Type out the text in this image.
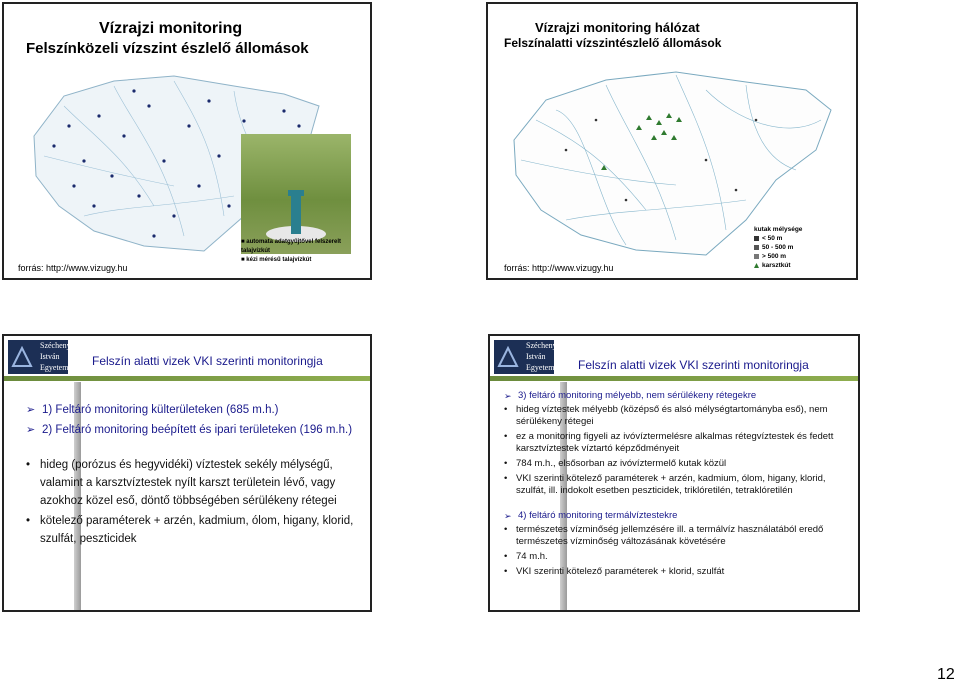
Vízrajzi monitoring
Felszínközeli vízszint észlelő állomások
■ automata adatgyűjtővel felszerelt talajvízkút
■ kézi mérésű talajvízkút
forrás: http://www.vizugy.hu
Vízrajzi monitoring hálózat
Felszínalatti vízszintészlelő állomások
kutak mélysége
< 50 m
50 - 500 m
> 500 m
karsztkút
forrás: http://www.vizugy.hu
Széchenyi
István
Egyetem	Felszín alatti vizek VKI szerinti monitoringja
➢ 1) Feltáró monitoring külterületeken (685 m.h.)
➢ 2) Feltáró monitoring beépített és ipari területeken (196 m.h.)
• hideg (porózus és hegyvidéki) víztestek sekély mélységű, valamint a karsztvíztestek nyílt karszt területein lévő, vagy azokhoz közel eső, döntő többségében sérülékeny rétegei
• kötelező paraméterek + arzén, kadmium, ólom, higany, klorid, szulfát, peszticidek
Széchenyi
István
Egyetem	Felszín alatti vizek VKI szerinti monitoringja
➢ 3) feltáró monitoring mélyebb, nem sérülékeny rétegekre
• hideg víztestek mélyebb (középső és alsó mélységtartományba eső), nem sérülékeny rétegei
• ez a monitoring figyeli az ivóvíztermelésre alkalmas rétegvíztestek és fedett karsztvíztestek víztartó képződményeit
• 784 m.h., elsősorban az ivóvíztermelő kutak közül
• VKI szerinti kötelező paraméterek + arzén, kadmium, ólom, higany, klorid, szulfát, ill. indokolt esetben peszticidek, triklóretilén, tetraklóretilén
➢ 4) feltáró monitoring termálvíztestekre
• természetes vízminőség jellemzésére ill. a termálvíz használatából eredő természetes vízminőség változásának követésére
• 74 m.h.
• VKI szerinti kötelező paraméterek + klorid, szulfát
12
